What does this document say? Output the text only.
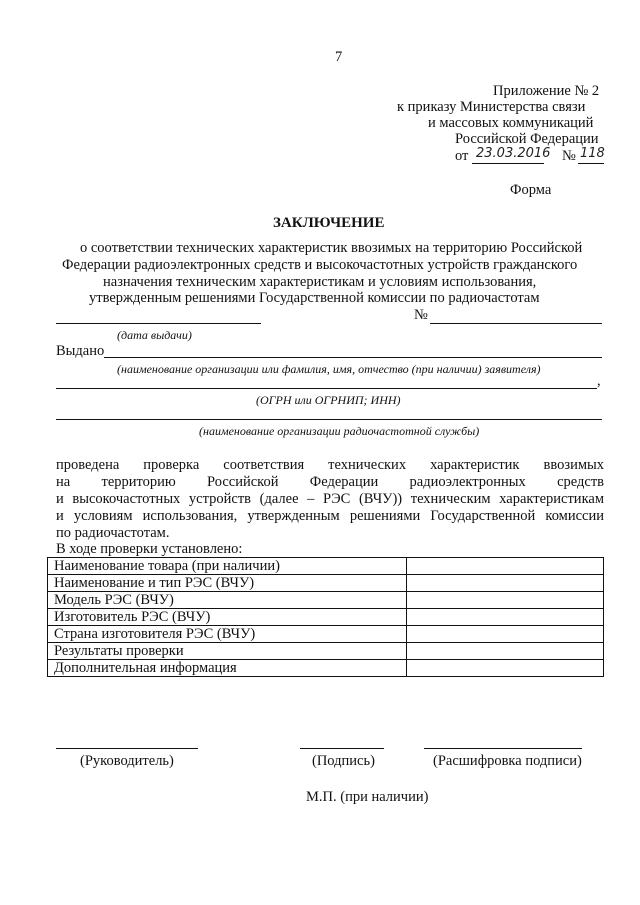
7
Приложение № 2
к приказу Министерства связи
и массовых коммуникаций
Российской Федерации
от 23.03.2016 № 118
Форма
ЗАКЛЮЧЕНИЕ
о соответствии технических характеристик ввозимых на территорию Российской
Федерации радиоэлектронных средств и высокочастотных устройств гражданского
назначения техническим характеристикам и условиям использования,
утвержденным решениями Государственной комиссии по радиочастотам
№
(дата выдачи)
Выдано
(наименование организации или фамилия, имя, отчество (при наличии) заявителя)
,
(ОГРН или ОГРНИП; ИНН)
(наименование организации радиочастотной службы)
проведена проверка соответствия технических характеристик ввозимых
на территорию Российской Федерации радиоэлектронных средств
и высокочастотных устройств (далее – РЭС (ВЧУ)) техническим характеристикам
и условиям использования, утвержденным решениями Государственной комиссии
по радиочастотам.
В ходе проверки установлено:
Наименование товара (при наличии)	
Наименование и тип РЭС (ВЧУ)	
Модель РЭС (ВЧУ)	
Изготовитель РЭС (ВЧУ)	
Страна изготовителя РЭС (ВЧУ)	
Результаты проверки	
Дополнительная информация	
(Руководитель)	(Подпись)	(Расшифровка подписи)
М.П. (при наличии)
